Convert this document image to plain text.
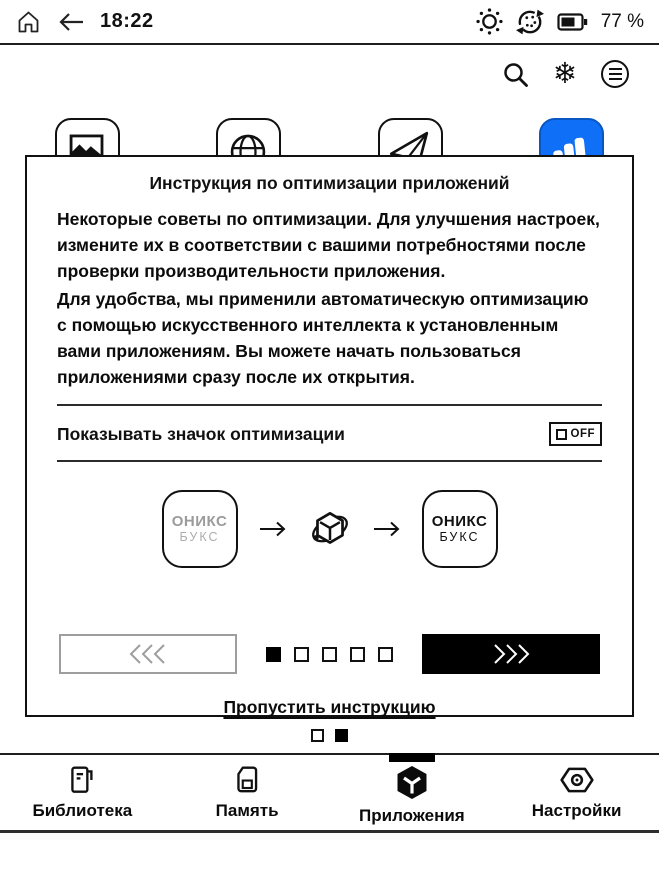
18:22	77 %
❄
Инструкция по оптимизации приложений

Некоторые советы по оптимизации. Для улучшения настроек, измените их в соответствии с вашими потребностями после проверки производительности приложения.

Для удобства, мы применили автоматическую оптимизацию с помощью искусственного интеллекта к установленным вами приложениям. Вы можете начать пользоваться приложениями сразу после их открытия.

Показывать значок оптимизации	OFF
ОНИКС
БУКС
ОНИКС
БУКС
Пропустить инструкцию
Библиотека	Память	Приложения	Настройки
